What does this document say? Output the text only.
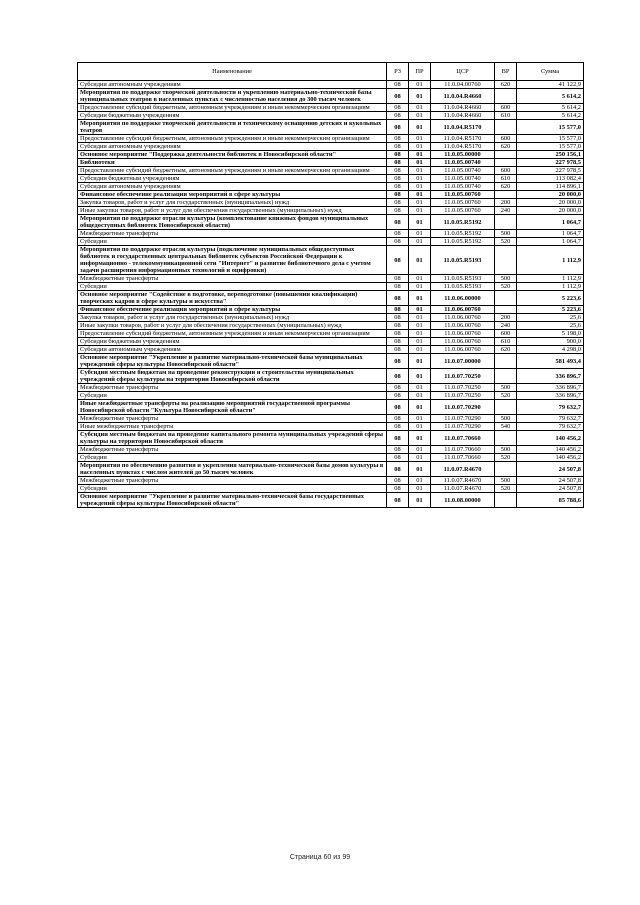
Наименование	РЗ	ПР	ЦСР	ВР	Сумма
Субсидии автономным учреждениям	08	01	11.0.04.00760	620	41 122,9
Мероприятия по поддержке творческой деятельности и укреплению материально-технической базы муниципальных театров в населенных пунктах с численностью населения до 300 тысяч человек	08	01	11.0.04.R4660		5 614,2
Предоставление субсидий бюджетным, автономным учреждениям и иным некоммерческим организациям	08	01	11.0.04.R4660	600	5 614,2
Субсидии бюджетным учреждениям	08	01	11.0.04.R4660	610	5 614,2
Мероприятия по поддержке творческой деятельности и техническому оснащению детских и кукольных театров	08	01	11.0.04.R5170		15 577,0
Предоставление субсидий бюджетным, автономным учреждениям и иным некоммерческим организациям	08	01	11.0.04.R5170	600	15 577,0
Субсидии автономным учреждениям	08	01	11.0.04.R5170	620	15 577,0
Основное мероприятие "Поддержка деятельности библиотек в Новосибирской области"	08	01	11.0.05.00000		250 156,1
Библиотеки	08	01	11.0.05.00740		227 978,5
Предоставление субсидий бюджетным, автономным учреждениям и иным некоммерческим организациям	08	01	11.0.05.00740	600	227 978,5
Субсидии бюджетным учреждениям	08	01	11.0.05.00740	610	113 082,4
Субсидии автономным учреждениям	08	01	11.0.05.00740	620	114 896,1
Финансовое обеспечение реализации мероприятий в сфере культуры	08	01	11.0.05.00760		20 000,0
Закупка товаров, работ и услуг для государственных (муниципальных) нужд	08	01	11.0.05.00760	200	20 000,0
Иные закупки товаров, работ и услуг для обеспечения государственных (муниципальных) нужд	08	01	11.0.05.00760	240	20 000,0
Мероприятия по поддержке отрасли культуры (комплектование книжных фондов муниципальных общедоступных библиотек Новосибирской области)	08	01	11.0.05.R5192		1 064,7
Межбюджетные трансферты	08	01	11.0.05.R5192	500	1 064,7
Субсидии	08	01	11.0.05.R5192	520	1 064,7
Мероприятия по поддержке отрасли культуры (подключение муниципальных общедоступных библиотек и государственных центральных библиотек субъектов Российской Федерации к информационно - телекоммуникационной сети "Интернет" и развитие библиотечного дела с учетом задачи расширения информационных технологий и оцифровки)	08	01	11.0.05.R5193		1 112,9
Межбюджетные трансферты	08	01	11.0.05.R5193	500	1 112,9
Субсидии	08	01	11.0.05.R5193	520	1 112,9
Основное мероприятие "Содействие в подготовке, переподготовке (повышении квалификации) творческих кадров в сфере культуры и искусства"	08	01	11.0.06.00000		5 223,6
Финансовое обеспечение реализации мероприятий в сфере культуры	08	01	11.0.06.00760		5 223,6
Закупка товаров, работ и услуг для государственных (муниципальных) нужд	08	01	11.0.06.00760	200	25,6
Иные закупки товаров, работ и услуг для обеспечения государственных (муниципальных) нужд	08	01	11.0.06.00760	240	25,6
Предоставление субсидий бюджетным, автономным учреждениям и иным некоммерческим организациям	08	01	11.0.06.00760	600	5 198,0
Субсидии бюджетным учреждениям	08	01	11.0.06.00760	610	900,0
Субсидии автономным учреждениям	08	01	11.0.06.00760	620	4 298,0
Основное мероприятие "Укрепление и развитие материально-технической базы муниципальных учреждений сферы культуры Новосибирской области"	08	01	11.0.07.00000		581 493,4
Субсидии местным бюджетам на проведение реконструкции и строительства муниципальных учреждений сферы культуры на территории Новосибирской области	08	01	11.0.07.70250		336 896,7
Межбюджетные трансферты	08	01	11.0.07.70250	500	336 896,7
Субсидии	08	01	11.0.07.70250	520	336 896,7
Иные межбюджетные трансферты на реализацию мероприятий государственной программы Новосибирской области "Культура Новосибирской области"	08	01	11.0.07.70290		79 632,7
Межбюджетные трансферты	08	01	11.0.07.70290	500	79 632,7
Иные межбюджетные трансферты	08	01	11.0.07.70290	540	79 632,7
Субсидии местным бюджетам на проведение капитального ремонта муниципальных учреждений сферы культуры на территории Новосибирской области	08	01	11.0.07.70660		140 456,2
Межбюджетные трансферты	08	01	11.0.07.70660	500	140 456,2
Субсидии	08	01	11.0.07.70660	520	140 456,2
Мероприятия по обеспечению развития и укрепления материально-технической базы домов культуры в населенных пунктах с числом жителей до 50 тысяч человек	08	01	11.0.07.R4670		24 507,8
Межбюджетные трансферты	08	01	11.0.07.R4670	500	24 507,8
Субсидии	08	01	11.0.07.R4670	520	24 507,8
Основное мероприятие "Укрепление и развитие материально-технической базы государственных учреждений сферы культуры Новосибирской области"	08	01	11.0.08.00000		85 788,6
Страница 60 из 99
